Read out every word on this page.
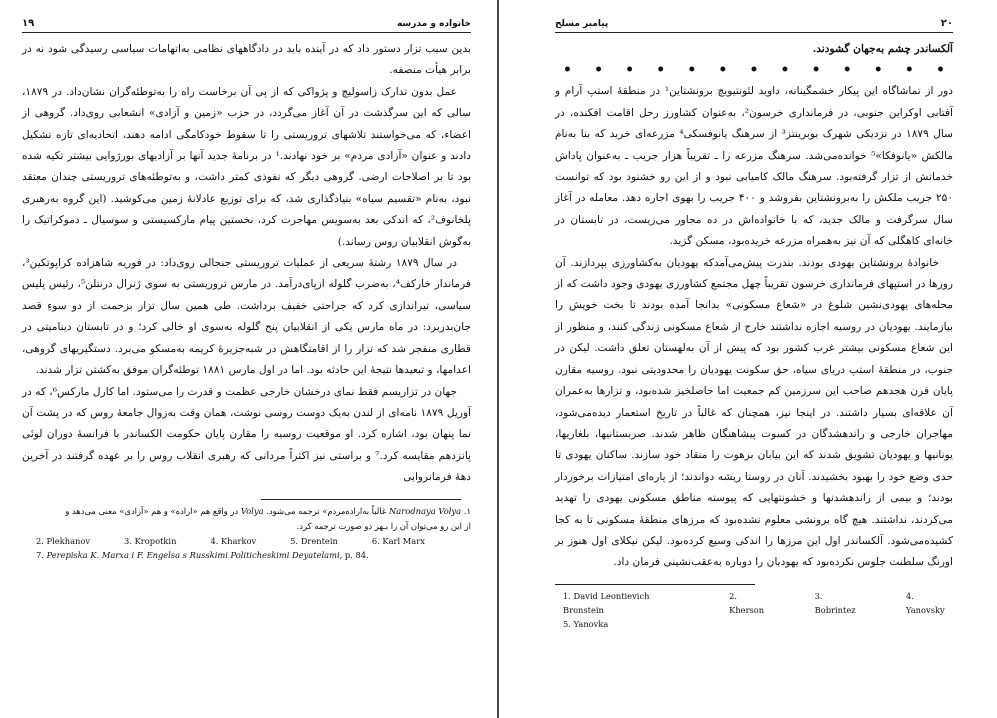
۱۹	خانواده و مدرسه

بدین سبب تزار دستور داد که در آینده باید در دادگاههای نظامی به‌اتهامات سیاسی رسیدگی شود نه در برابر هیأت منصفه.

عمل بدون تدارک زاسولیچ و پژواکی که از پی آن برخاست راه را به‌توطئه‌گران نشان‌داد. در ۱۸۷۹، سالی که این سرگذشت در آن آغاز می‌گردد، در حزب «زمین و آزادی» انشعابی روی‌داد. گروهی از اعضاء، که می‌خواستند تلاشهای تروریستی را تا سقوط خودکامگی ادامه دهند، اتحادیه‌ای تازه تشکیل دادند و عنوان «آزادی مردم» بر خود نهادند.¹ در برنامهٔ جدید آنها بر آزادیهای بورژوایی بیشتر تکیه شده بود تا بر اصلاحات ارضی. گروهی دیگر که نفوذی کمتر داشت، و به‌توطئه‌های تروریستی چندان معتقد نبود، به‌نام «تقسیم سیاه» بنیادگذاری شد، که برای توزیع عادلانهٔ زمین می‌کوشید. (این گروه به‌رهبری پلخانوف²، که اندکی بعد به‌سویس مهاجرت کرد، نخستین پیام مارکسیستی و سوسیال ـ دموکراتیک را به‌گوش انقلابیان روس رساند.)

در سال ۱۸۷۹ رشتهٔ سریعی از عملیات تروریستی جنجالی روی‌داد: در فوریه شاهزاده کراپوتکین³، فرماندار خارکف⁴، به‌ضرب گلوله ازپای‌درآمد. در مارس تروریستی به سوی ژنرال درنتلن⁵، رئیس پلیس سیاسی، تیراندازی کرد که جراحتی خفیف برداشت. طی همین سال تزار بزحمت از دو سوءِ قصد جان‌بدربرد: در ماه مارس یکی از انقلابیان پنج گلوله به‌سوی او خالی کرد؛ و در تابستان دینامیتی در قطاری منفجر شد که تزار را از اقامتگاهش در شبه‌جزیرهٔ کریمه به‌مسکو می‌برد. دستگیریهای گروهی، اعدامها، و تبعیدها نتیجهٔ این حادثه بود. اما در اول مارس ۱۸۸۱ توطئه‌گران موفق به‌کشتن تزار شدند.

جهان در تزاریسم فقط نمای درخشان خارجی عظمت و قدرت را می‌ستود. اما کارل مارکس⁶، که در آوریل ۱۸۷۹ نامه‌ای از لندن به‌یک دوست روسی نوشت، همان وقت به‌زوال جامعهٔ روس که در پشت آن نما پنهان بود، اشاره کرد. او موقعیت روسیه را مقارن پایان حکومت الکساندر با فرانسهٔ دوران لوئی پانزدهم مقایسه کرد.⁷ و براستی نیز اکثراً مردانی که رهبری انقلاب روس را بر عهده گرفتند در آخرین دههٔ فرمانروایی

۱. Narodnaya Volya غالباً به‌اراده‌مردم» ترجمه می‌شود. Volya در واقع هم «اراده» و هم «آزادی» معنی می‌دهد و
از این رو می‌توان آن را بـهر دو صورت ترجمه کرد.
2. Plekhanov	3. Kropotkin	4. Kharkov	5. Drentein	6. Karl Marx
7. Perepiska K. Marxa i F. Engelsa s Russkimi Politicheskimi Deyatelami, p. 84.
پیامبر مسلح	۲۰

آلکساندر چشم به‌جهان گشودند.

• • • • • • • • • • • • •

دور از تماشاگاه این پیکار خشمگینانه، داوید لئونتیویچ برونشتاین¹ در منطقهٔ استپ آرام و آفتابی اوکراین جنوبی، در فرمانداری خرسون²، به‌عنوان کشاورز رحل اقامت افکنده، در سال ۱۸۷۹ در نزدیکی شهرک بوبرینتز³ از سرهنگ یانوفسکی⁴ مزرعه‌ای خرید که بنا به‌نام مالکش «یانوفکا»⁵ خوانده‌می‌شد. سرهنگ مزرعه را ـ تقریباً هزار جریب ـ به‌عنوان پاداش خدماتش از تزار گرفته‌بود. سرهنگ مالک کامیابی نبود و از این رو خشنود بود که توانست ۲۵۰ جریب ملکش را به‌برونشتاین بفروشد و ۴۰۰ جریب را بهوی اجاره دهد. معامله در آغاز سال سرگرفت و مالک جدید، که با خانواده‌اش در ده مجاور می‌زیست، در تابستان در خانه‌ای کاهگلی که آن نیز به‌همراه مزرعه خریده‌بود، مسکن گزید.

خانوادهٔ برونشتاین یهودی بودند. بندرت پیش‌می‌آمدکه یهودیان به‌کشاورزی بپردازند. آن روزها در استپهای فرمانداری خرسون تقریباً چهل مجتمع کشاورزی یهودی وجود داشت که از محله‌های یهودی‌نشین شلوغ در «شعاع مسکونی» بدانجا آمده بودند تا بخت خویش را بیازمایند. یهودیان در روسیه اجازه نداشتند خارج از شعاع مسکونی زندگی کنند، و منظور از این شعاع مسکونی بیشتر غرب کشور بود که پیش از آن به‌لهستان تعلق داشت. لیکن در جنوب، در منطقهٔ استپ دریای سیاه، حق سکونت یهودیان را محدودیتی نبود. روسیه مقارن پایان قرن هجدهم صاحب این سرزمین کم جمعیت اما حاصلخیز شده‌بود، و تزارها به‌عمران آن علاقه‌ای بسیار داشتند. در اینجا نیز، همچنان که غالباً در تاریخ استعمار دیده‌می‌شود، مهاجران خارجی و راندهشدگان در کسوت پیشاهنگان ظاهر شدند. صربستانیها، بلغاریها، یونانیها و یهودیان تشویق شدند که این بیابان برهوت را منقاد خود سازند. ساکنان یهودی تا حدی وضع خود را بهبود بخشیدند. آنان در روستا ریشه دواندند؛ از پاره‌ای امتیازات برخوردار بودند؛ و بیمی از راندهشدنها و خشونتهایی که پیوسته مناطق مسکونی یهودی را تهدید می‌کردند، نداشتند. هیچ گاه برونشی معلوم نشده‌بود که مرزهای منطقهٔ مسکونی تا به کجا کشیده‌می‌شود. آلکساندر اول این مرزها را اندکی وسیع کرده‌بود. لیکن نیکلای اول هنوز بر اورنگ سلطنت جلوس نکرده‌بود که یهودیان را دوباره به‌عقب‌نشینی فرمان داد.

1. David Leontievich Bronstein
2. Kherson
3. Bobrintez
4. Yanovsky
5. Yanovka
